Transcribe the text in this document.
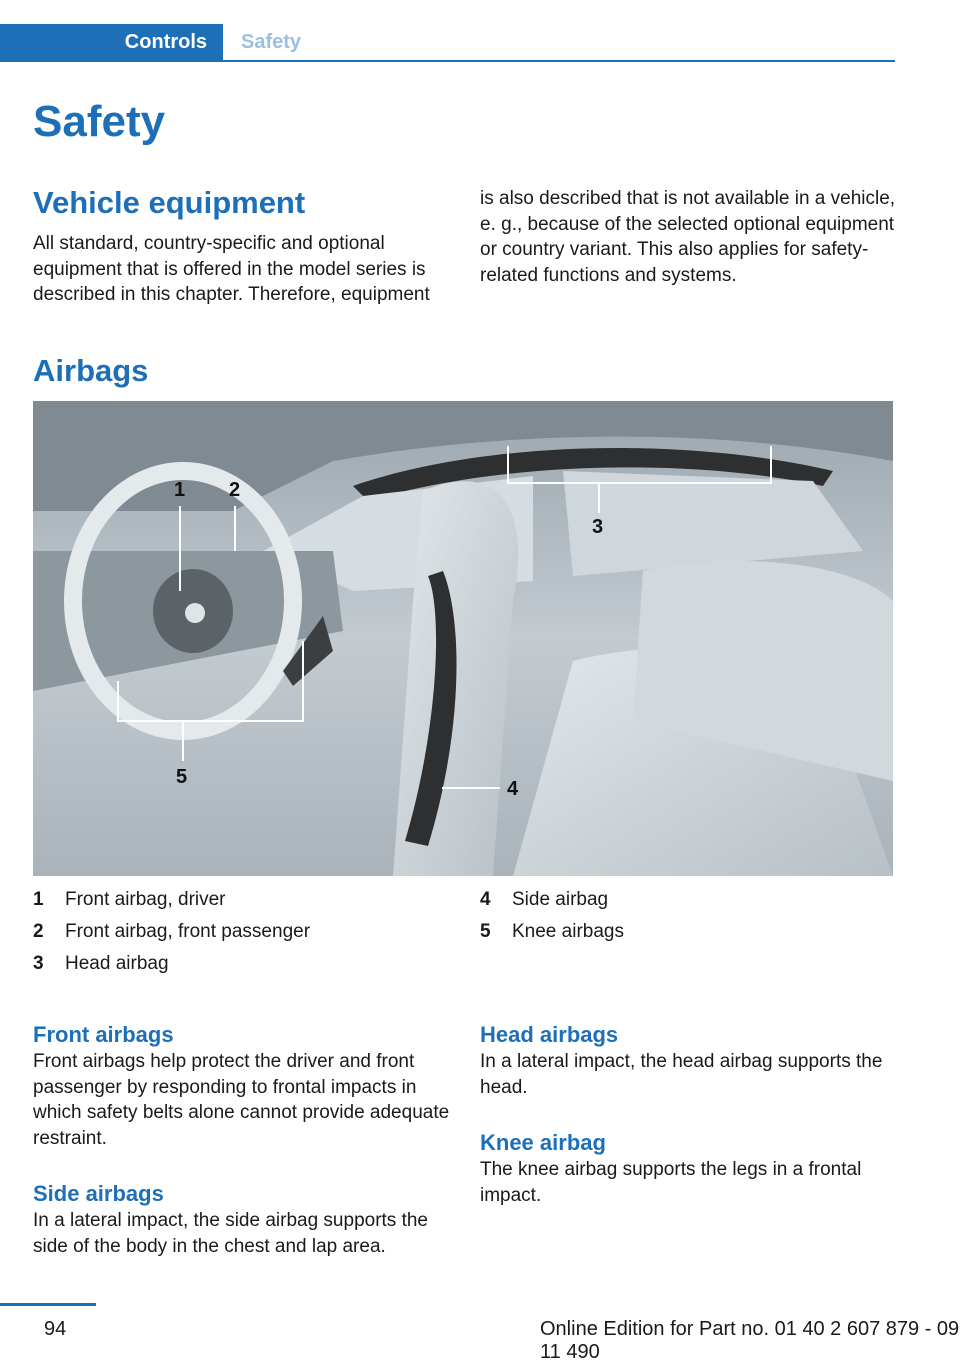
Controls	Safety
Safety
Vehicle equipment

All standard, country-specific and optional equipment that is offered in the model series is described in this chapter. Therefore, equipment

is also described that is not available in a vehicle, e. g., because of the selected optional equipment or country variant. This also applies for safety-related functions and systems.

Airbags
1 2
3
4
5
1	Front airbag, driver
2	Front airbag, front passenger
3	Head airbag
4	Side airbag
5	Knee airbags
Front airbags

Front airbags help protect the driver and front passenger by responding to frontal impacts in which safety belts alone cannot provide adequate restraint.

Side airbags

In a lateral impact, the side airbag supports the side of the body in the chest and lap area.

Head airbags

In a lateral impact, the head airbag supports the head.

Knee airbag

The knee airbag supports the legs in a frontal impact.

94	Online Edition for Part no. 01 40 2 607 879 - 09 11 490
